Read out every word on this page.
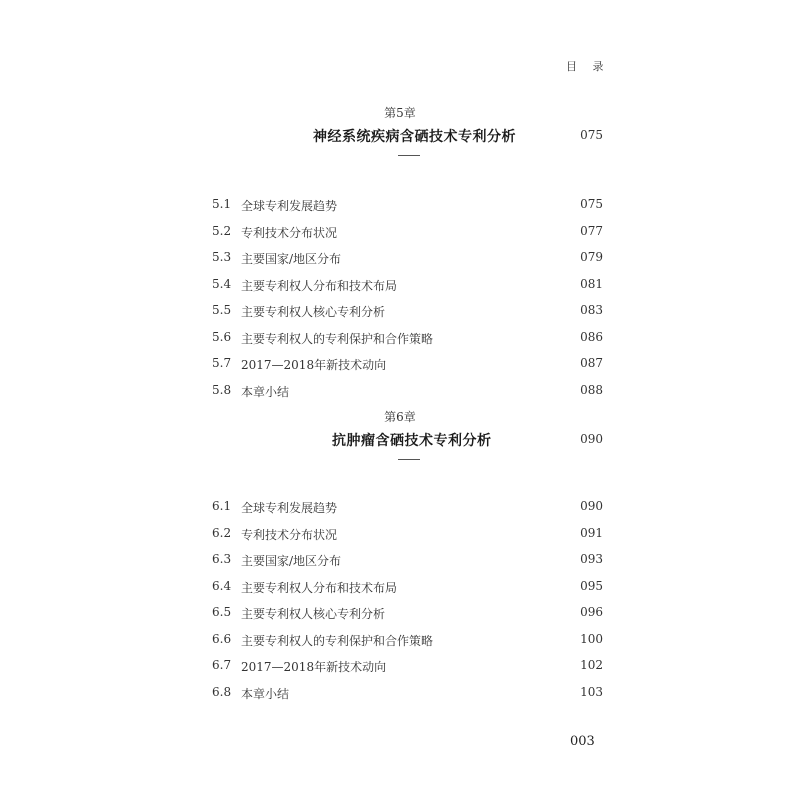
目 录
第5章
神经系统疾病含硒技术专利分析	075
5.1 全球专利发展趋势	075
5.2 专利技术分布状况	077
5.3 主要国家/地区分布	079
5.4 主要专利权人分布和技术布局	081
5.5 主要专利权人核心专利分析	083
5.6 主要专利权人的专利保护和合作策略	086
5.7 2017—2018年新技术动向	087
5.8 本章小结	088
第6章
抗肿瘤含硒技术专利分析	090
6.1 全球专利发展趋势	090
6.2 专利技术分布状况	091
6.3 主要国家/地区分布	093
6.4 主要专利权人分布和技术布局	095
6.5 主要专利权人核心专利分析	096
6.6 主要专利权人的专利保护和合作策略	100
6.7 2017—2018年新技术动向	102
6.8 本章小结	103
003
